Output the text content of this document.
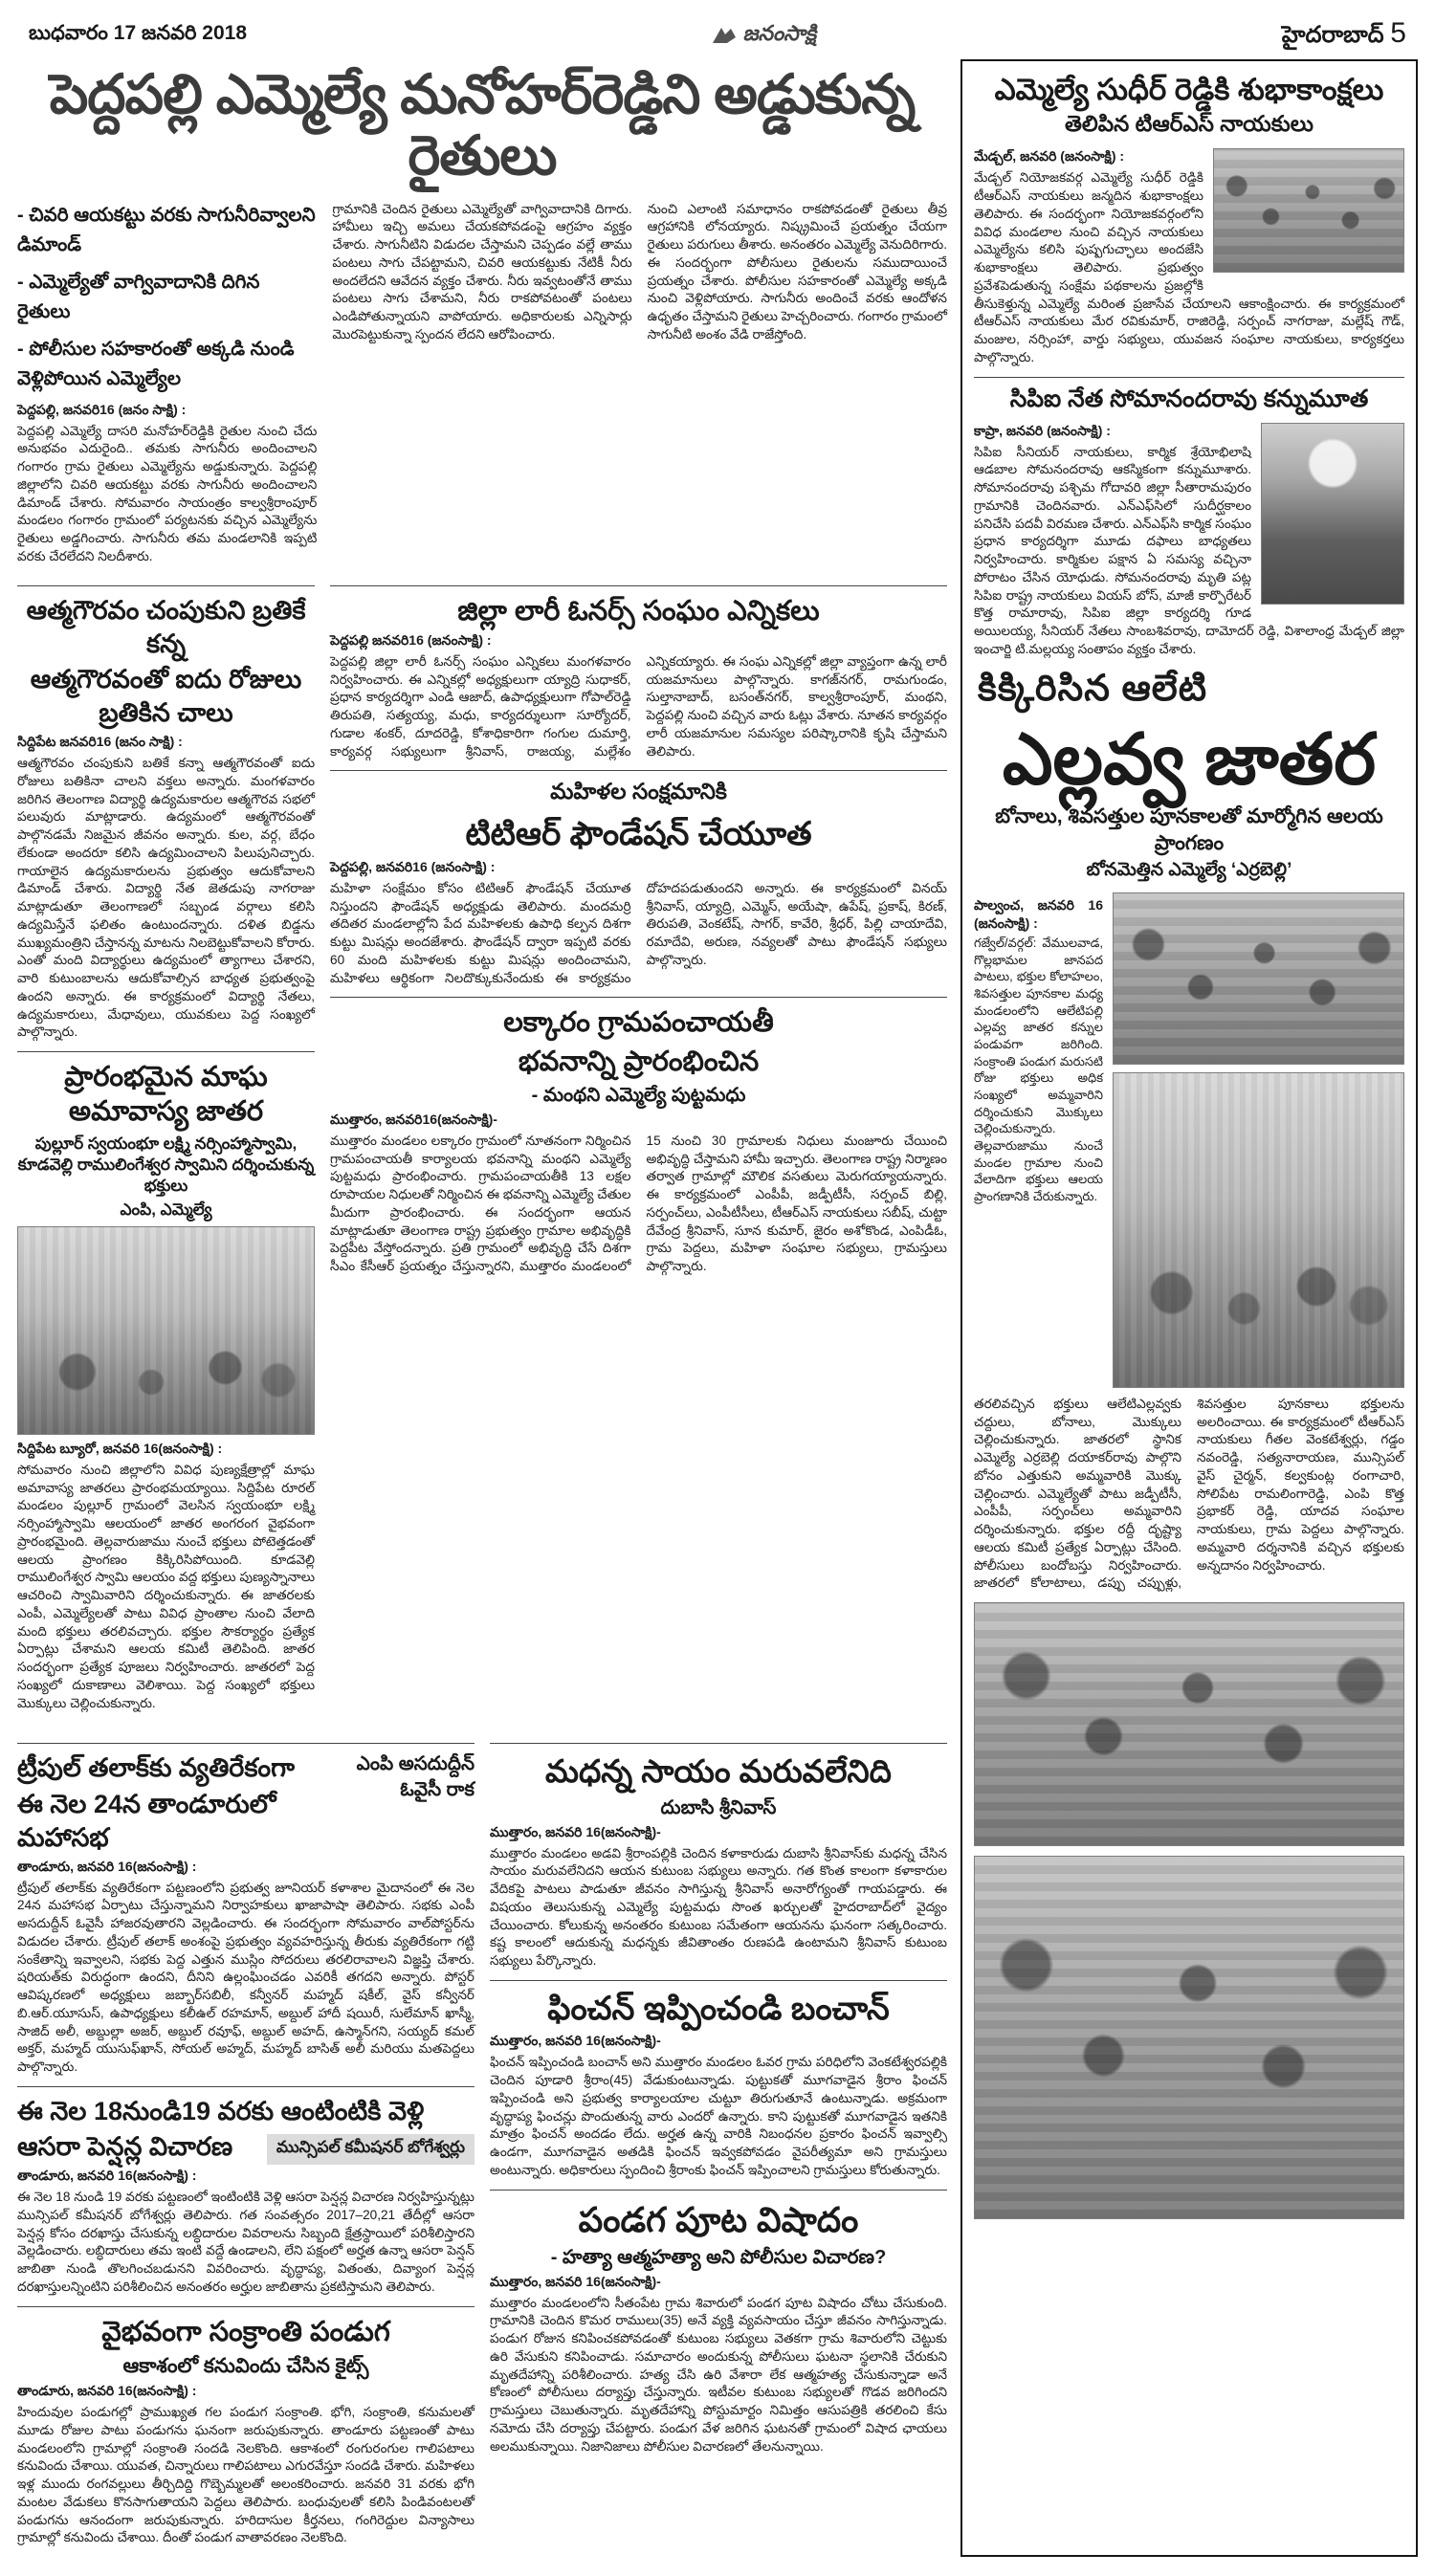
బుధవారం 17 జనవరి 2018	జనంసాక్షి	హైదరాబాద్ 5
పెద్దపల్లి ఎమ్మెల్యే మనోహర్‌రెడ్డిని అడ్డుకున్న రైతులు
- చివరి ఆయకట్టు వరకు సాగునీరివ్వాలని డిమాండ్
- ఎమ్మెల్యేతో వాగ్వివాదానికి దిగిన రైతులు
- పోలీసుల సహకారంతో అక్కడి నుండి వెళ్లిపోయిన ఎమ్మెల్యేల
పెద్దపల్లి, జనవరి16 (జనం సాక్షి) :
పెద్దపల్లి ఎమ్మెల్యే దాసరి మనోహర్‌రెడ్డికి రైతుల నుంచి చేదు అనుభవం ఎదురైంది.. తమకు సాగునీరు అందించాలని గంగారం గ్రామ రైతులు ఎమ్మెల్యేను అడ్డుకున్నారు. పెద్దపల్లి జిల్లాలోని చివరి ఆయకట్టు వరకు సాగునీరు అందించాలని డిమాండ్ చేశారు. సోమవారం సాయంత్రం కాల్వశ్రీరాంపూర్ మండలం గంగారం గ్రామంలో పర్యటనకు వచ్చిన ఎమ్మెల్యేను రైతులు అడ్డగించారు. సాగునీరు తమ మండలానికి ఇప్పటి వరకు చేరలేదని నిలదీశారు.
గ్రామానికి చెందిన రైతులు ఎమ్మెల్యేతో వాగ్వివాదానికి దిగారు. హామీలు ఇచ్చి అమలు చేయకపోవడంపై ఆగ్రహం వ్యక్తం చేశారు. సాగునీటిని విడుదల చేస్తామని చెప్పడం వల్లే తాము పంటలు సాగు చేపట్టామని, చివరి ఆయకట్టుకు నేటికీ నీరు అందలేదని ఆవేదన వ్యక్తం చేశారు. నీరు ఇవ్వటంతోనే తాము పంటలు సాగు చేశామని, నీరు రాకపోవటంతో పంటలు ఎండిపోతున్నాయని వాపోయారు. అధికారులకు ఎన్నిసార్లు మొరపెట్టుకున్నా స్పందన లేదని ఆరోపించారు.
నుంచి ఎలాంటి సమాధానం రాకపోవడంతో రైతులు తీవ్ర ఆగ్రహానికి లోనయ్యారు. నిష్క్రమించే ప్రయత్నం చేయగా రైతులు పరుగులు తీశారు. అనంతరం ఎమ్మెల్యే వెనుదిరిగారు. ఈ సందర్భంగా పోలీసులు రైతులను సముదాయించే ప్రయత్నం చేశారు. పోలీసుల సహకారంతో ఎమ్మెల్యే అక్కడి నుంచి వెళ్లిపోయారు. సాగునీరు అందించే వరకు ఆందోళన ఉధృతం చేస్తామని రైతులు హెచ్చరించారు. గంగారం గ్రామంలో సాగునీటి అంశం వేడి రాజేస్తోంది.
ఆత్మగౌరవం చంపుకుని బ్రతికే కన్న
ఆత్మగౌరవంతో ఐదు రోజులు బ్రతికిన చాలు
సిద్దిపేట జనవరి16 (జనం సాక్షి) :
ఆత్మగౌరవం చంపుకుని బతికే కన్నా ఆత్మగౌరవంతో ఐదు రోజులు బతికినా చాలని వక్తలు అన్నారు. మంగళవారం జరిగిన తెలంగాణ విద్యార్థి ఉద్యమకారుల ఆత్మగౌరవ సభలో పలువురు మాట్లాడారు. ఉద్యమంలో ఆత్మగౌరవంతో పాల్గొనడమే నిజమైన జీవనం అన్నారు. కుల, వర్గ, బేధం లేకుండా అందరూ కలిసి ఉద్యమించాలని పిలుపునిచ్చారు. గాయాలైన ఉద్యమకారులను ప్రభుత్వం ఆదుకోవాలని డిమాండ్ చేశారు. విద్యార్థి నేత జెతడుపు నాగరాజు మాట్లాడుతూ తెలంగాణలో సబ్బండ వర్గాలు కలిసి ఉద్యమిస్తేనే ఫలితం ఉంటుందన్నారు. దళిత బిడ్డను ముఖ్యమంత్రిని చేస్తానన్న మాటను నిలబెట్టుకోవాలని కోరారు. ఎంతో మంది విద్యార్థులు ఉద్యమంలో త్యాగాలు చేశారని, వారి కుటుంబాలను ఆదుకోవాల్సిన బాధ్యత ప్రభుత్వంపై ఉందని అన్నారు. ఈ కార్యక్రమంలో విద్యార్థి నేతలు, ఉద్యమకారులు, మేధావులు, యువకులు పెద్ద సంఖ్యలో పాల్గొన్నారు.
ప్రారంభమైన మాఘ అమావాస్య జాతర
పుల్లూర్ స్వయంభూ లక్ష్మి నర్సింహ్మాస్వామి, కూడవెల్లి రాములింగేశ్వర స్వామిని దర్శించుకున్న భక్తులు
ఎంపి, ఎమ్మెల్యే
సిద్దిపేట బ్యూరో, జనవరి 16(జనంసాక్షి) :
సోమవారం నుంచి జిల్లాలోని వివిధ పుణ్యక్షేత్రాల్లో మాఘ అమావాస్య జాతరలు ప్రారంభమయ్యాయి. సిద్దిపేట రూరల్ మండలం పుల్లూర్ గ్రామంలో వెలసిన స్వయంభూ లక్ష్మి నర్సింహ్మాస్వామి ఆలయంలో జాతర అంగరంగ వైభవంగా ప్రారంభమైంది. తెల్లవారుజాము నుంచే భక్తులు పోటెత్తడంతో ఆలయ ప్రాంగణం కిక్కిరిసిపోయింది. కూడవెల్లి రాములింగేశ్వర స్వామి ఆలయం వద్ద భక్తులు పుణ్యస్నానాలు ఆచరించి స్వామివారిని దర్శించుకున్నారు. ఈ జాతరలకు ఎంపీ, ఎమ్మెల్యేలతో పాటు వివిధ ప్రాంతాల నుంచి వేలాది మంది భక్తులు తరలివచ్చారు. భక్తుల సౌకర్యార్థం ప్రత్యేక ఏర్పాట్లు చేశామని ఆలయ కమిటీ తెలిపింది. జాతర సందర్భంగా ప్రత్యేక పూజలు నిర్వహించారు. జాతరలో పెద్ద సంఖ్యలో దుకాణాలు వెలిశాయి. పెద్ద సంఖ్యలో భక్తులు మొక్కులు చెల్లించుకున్నారు.
జిల్లా లారీ ఓనర్స్ సంఘం ఎన్నికలు
పెద్దపల్లి జనవరి16 (జనంసాక్షి) :
పెద్దపల్లి జిల్లా లారీ ఓనర్స్ సంఘం ఎన్నికలు మంగళవారం నిర్వహించారు. ఈ ఎన్నికల్లో అధ్యక్షులుగా య్యాద్రి సుధాకర్, ప్రధాన కార్యదర్శిగా ఎండి ఆజాద్, ఉపాధ్యక్షులుగా గోపాల్‌రెడ్డి తిరుపతి, సత్యయ్య, మధు, కార్యదర్శులుగా సూర్యోదర్, గుడాల శంకర్, దూదరెడ్డి, కోశాధికారిగా గంగుల దుమార్తి, కార్యవర్గ సభ్యులుగా శ్రీనివాస్, రాజయ్య, మల్లేశం ఎన్నికయ్యారు. ఈ సంఘ ఎన్నికల్లో జిల్లా వ్యాప్తంగా ఉన్న లారీ యజమానులు పాల్గొన్నారు. కాగజ్‌నగర్, రామగుండం, సుల్తానాబాద్, బసంత్‌నగర్, కాల్వశ్రీరాంపూర్, మంథని, పెద్దపల్లి నుంచి వచ్చిన వారు ఓట్లు వేశారు. నూతన కార్యవర్గం లారీ యజమానుల సమస్యల పరిష్కారానికి కృషి చేస్తామని తెలిపారు.
మహిళల సంక్షమానికి
టిటిఆర్ ఫౌండేషన్ చేయూత
పెద్దపల్లి, జనవరి16 (జనంసాక్షి) :
మహిళా సంక్షేమం కోసం టిటిఆర్ ఫౌండేషన్ చేయూత నిస్తుందని ఫౌండేషన్ అధ్యక్షుడు తెలిపారు. మందమర్రి తదితర మండలాల్లోని పేద మహిళలకు ఉపాధి కల్పన దిశగా కుట్టు మిషన్లు అందజేశారు. ఫౌండేషన్ ద్వారా ఇప్పటి వరకు 60 మంది మహిళలకు కుట్టు మిషన్లు అందించామని, మహిళలు ఆర్థికంగా నిలదొక్కుకునేందుకు ఈ కార్యక్రమం దోహదపడుతుందని అన్నారు. ఈ కార్యక్రమంలో వినయ్ శ్రీనివాస్, య్యాద్రి, ఎమ్మెస్, అయేషా, ఉపేష్, ప్రకాష్, కిరణ్, తిరుపతి, వెంకటేష్, సాగర్, కావేరి, శ్రీధర్, పిల్లి చాయాదేవి, రమాదేవి, అరుణ, నవ్యలతో పాటు ఫౌండేషన్ సభ్యులు పాల్గొన్నారు.
లక్కారం గ్రామపంచాయతీ
భవనాన్ని ప్రారంభించిన
- మంథని ఎమ్మెల్యే పుట్టమధు
ముత్తారం, జనవరి16(జనంసాక్షి)-
ముత్తారం మండలం లక్కారం గ్రామంలో నూతనంగా నిర్మించిన గ్రామపంచాయతీ కార్యాలయ భవనాన్ని మంథని ఎమ్మెల్యే పుట్టమధు ప్రారంభించారు. గ్రామపంచాయతీకి 13 లక్షల రూపాయల నిధులతో నిర్మించిన ఈ భవనాన్ని ఎమ్మెల్యే చేతుల మీదుగా ప్రారంభించారు. ఈ సందర్భంగా ఆయన మాట్లాడుతూ తెలంగాణ రాష్ట్ర ప్రభుత్వం గ్రామాల అభివృద్ధికి పెద్దపీట వేస్తోందన్నారు. ప్రతి గ్రామంలో అభివృద్ధి చేసే దిశగా సీఎం కేసీఆర్ ప్రయత్నం చేస్తున్నారని, ముత్తారం మండలంలో 15 నుంచి 30 గ్రామాలకు నిధులు మంజూరు చేయించి అభివృద్ధి చేస్తామని హామీ ఇచ్చారు. తెలంగాణ రాష్ట్ర నిర్మాణం తర్వాత గ్రామాల్లో మౌలిక వసతులు మెరుగయ్యాయన్నారు. ఈ కార్యక్రమంలో ఎంపీపీ, జడ్పీటీసీ, సర్పంచ్ బిల్లి, సర్పంచ్‌లు, ఎంపీటీసీలు, టీఆర్ఎస్ నాయకులు సబీష్, చుట్టా దేవేంద్ర శ్రీనివాస్, సూన కుమార్, జైరం అశోకొండ, ఎంపిడీఓ, గ్రామ పెద్దలు, మహిళా సంఘాల సభ్యులు, గ్రామస్తులు పాల్గొన్నారు.
ఎంపి అసదుద్దీన్
ఓవైసీ రాక
ట్రీపుల్ తలాక్‌కు వ్యతిరేకంగా
ఈ నెల 24న తాండూరులో మహాసభ
తాండూరు, జనవరి 16(జనంసాక్షి) :
ట్రీపుల్ తలాక్‌కు వ్యతిరేకంగా పట్టణంలోని ప్రభుత్వ జూనియర్ కళాశాల మైదానంలో ఈ నెల 24న మహాసభ ఏర్పాటు చేస్తున్నామని నిర్వాహకులు ఖాజాపాషా తెలిపారు. సభకు ఎంపీ అసదుద్దీన్ ఓవైసీ హాజరవుతారని వెల్లడించారు. ఈ సందర్భంగా సోమవారం వాల్‌పోస్టర్‌ను విడుదల చేశారు. ట్రీపుల్ తలాక్ అంశంపై ప్రభుత్వం వ్యవహరిస్తున్న తీరుకు వ్యతిరేకంగా గట్టి సంకేతాన్ని ఇవ్వాలని, సభకు పెద్ద ఎత్తున ముస్లిం సోదరులు తరలిరావాలని విజ్ఞప్తి చేశారు. షరియత్‌కు విరుద్ధంగా ఉందని, దీనిని ఉల్లంఘించడం ఎవరికీ తగదని అన్నారు. పోస్టర్ ఆవిష్కరణలో అధ్యక్షులు జబ్బార్‌సబిలీ, కన్వీనర్ మహ్మద్ షకీల్, వైస్ కన్వీనర్ బి.ఆర్.యూసుస్, ఉపాధ్యక్షులు కలీఉల్ రహమాన్, అబ్దుల్ హాదీ షయిరీ, సులేమాన్ ఖాస్మీ, సాజిద్ అలీ, అబ్దుల్లా అజర్, అబ్దుల్ రవూఫ్, అబ్దుల్ అహద్, ఉస్మాన్‌గని, సయ్యద్ కమల్ అక్తర్, మహ్మద్ యుసుఫ్‌ఖాన్, సోయల్ అహ్మద్, మహ్మద్ బాసిత్ అలీ మరియు మతపెద్దలు పాల్గొన్నారు.
ఈ నెల 18నుండి19 వరకు ఆంటింటికి వెళ్లి
మున్సిపల్ కమీషనర్ బోగేశ్వర్లు
ఆసరా పెన్షన్ల విచారణ
తాండూరు, జనవరి 16(జనంసాక్షి) :
ఈ నెల 18 నుండి 19 వరకు పట్టణంలో ఇంటింటికి వెళ్లి ఆసరా పెన్షన్ల విచారణ నిర్వహిస్తున్నట్లు మున్సిపల్ కమీషనర్ బోగేశ్వర్లు తెలిపారు. గత సంవత్సరం 2017–20,21 తేదీల్లో ఆసరా పెన్షన్ల కోసం దరఖాస్తు చేసుకున్న లబ్ధిదారుల వివరాలను సిబ్బంది క్షేత్రస్థాయిలో పరిశీలిస్తారని వెల్లడించారు. లబ్ధిదారులు తమ ఇంటి వద్దే ఉండాలని, లేని పక్షంలో అర్హత ఉన్నా ఆసరా పెన్షన్ జాబితా నుండి తొలగించబడునని వివరించారు. వృద్ధాప్య, వితంతు, దివ్యాంగ పెన్షన్ల దరఖాస్తులన్నింటిని పరిశీలించిన అనంతరం అర్హుల జాబితాను ప్రకటిస్తామని తెలిపారు.
వైభవంగా సంక్రాంతి పండుగ
ఆకాశంలో కనువిందు చేసిన కైట్స్
తాండూరు, జనవరి 16(జనంసాక్షి) :
హిందువుల పండుగల్లో ప్రాముఖ్యత గల పండుగ సంక్రాంతి. భోగి, సంక్రాంతి, కనుమలతో మూడు రోజుల పాటు పండుగను ఘనంగా జరుపుకున్నారు. తాండూరు పట్టణంతో పాటు మండలంలోని గ్రామాల్లో సంక్రాంతి సందడి నెలకొంది. ఆకాశంలో రంగురంగుల గాలిపటాలు కనువిందు చేశాయి. యువత, చిన్నారులు గాలిపటాలు ఎగురవేస్తూ సందడి చేశారు. మహిళలు ఇళ్ల ముందు రంగవల్లులు తీర్చిదిద్ది గొబ్బెమ్మలతో అలంకరించారు. జనవరి 31 వరకు భోగి మంటల వేడుకలు కొనసాగుతాయని పెద్దలు తెలిపారు. బంధువులతో కలిసి పిండివంటలతో పండుగను ఆనందంగా జరుపుకున్నారు. హరిదాసుల కీర్తనలు, గంగిరెద్దుల విన్యాసాలు గ్రామాల్లో కనువిందు చేశాయి. దీంతో పండుగ వాతావరణం నెలకొంది.
మధన్న సాయం మరువలేనిది
దుబాసి శ్రీనివాస్
ముత్తారం, జనవరి 16(జనంసాక్షి)-
ముత్తారం మండలం అడవి శ్రీరాంపల్లికి చెందిన కళాకారుడు దుబాసి శ్రీనివాస్‌కు మధన్న చేసిన సాయం మరువలేనిదని ఆయన కుటుంబ సభ్యులు అన్నారు. గత కొంత కాలంగా కళాకారుల వేదికపై పాటలు పాడుతూ జీవనం సాగిస్తున్న శ్రీనివాస్ అనారోగ్యంతో గాయపడ్డారు. ఈ విషయం తెలుసుకున్న ఎమ్మెల్యే పుట్టమధు సొంత ఖర్చులతో హైదరాబాద్‌లో వైద్యం చేయించారు. కోలుకున్న అనంతరం కుటుంబ సమేతంగా ఆయనను ఘనంగా సత్కరించారు. కష్ట కాలంలో ఆదుకున్న మధన్నకు జీవితాంతం రుణపడి ఉంటామని శ్రీనివాస్ కుటుంబ సభ్యులు పేర్కొన్నారు.
ఫించన్ ఇప్పించండి బంచాన్
ముత్తారం, జనవరి 16(జనంసాక్షి)-
ఫించన్ ఇప్పించండి బంచాన్ అని ముత్తారం మండలం ఓవర గ్రామ పరిధిలోని వెంకటేశ్వరపల్లికి చెందిన పూడారి శ్రీరాం(45) వేడుకుంటున్నాడు. పుట్టుకతో మూగవాడైన శ్రీరాం ఫించన్ ఇప్పించండి అని ప్రభుత్వ కార్యాలయాల చుట్టూ తిరుగుతూనే ఉంటున్నాడు. అక్రమంగా వృద్ధాప్య ఫించన్లు పొందుతున్న వారు ఎందరో ఉన్నారు. కాని పుట్టుకతో మూగవాడైన ఇతనికి మాత్రం ఫించన్ అందడం లేదు. అర్హత ఉన్న వారికి నిబంధనల ప్రకారం ఫించన్ ఇవ్వాల్సి ఉండగా, మూగవాడైన అతడికి ఫించన్ ఇవ్వకపోవడం వైపరీత్యమా అని గ్రామస్తులు అంటున్నారు. అధికారులు స్పందించి శ్రీరాంకు ఫించన్ ఇప్పించాలని గ్రామస్తులు కోరుతున్నారు.
పండగ పూట విషాదం
- హత్యా ఆత్మహత్యా అని పోలీసుల విచారణ?
ముత్తారం, జనవరి 16(జనంసాక్షి)-
ముత్తారం మండలంలోని సీతంపేట గ్రామ శివారులో పండగ పూట విషాదం చోటు చేసుకుంది. గ్రామానికి చెందిన కొమర రాములు(35) అనే వ్యక్తి వ్యవసాయం చేస్తూ జీవనం సాగిస్తున్నాడు. పండుగ రోజున కనిపించకపోవడంతో కుటుంబ సభ్యులు వెతకగా గ్రామ శివారులోని చెట్టుకు ఉరి వేసుకుని కనిపించాడు. సమాచారం అందుకున్న పోలీసులు ఘటనా స్థలానికి చేరుకుని మృతదేహాన్ని పరిశీలించారు. హత్య చేసి ఉరి వేశారా లేక ఆత్మహత్య చేసుకున్నాడా అనే కోణంలో పోలీసులు దర్యాప్తు చేస్తున్నారు. ఇటీవల కుటుంబ సభ్యులతో గొడవ జరిగిందని గ్రామస్తులు చెబుతున్నారు. మృతదేహాన్ని పోస్టుమార్టం నిమిత్తం ఆసుపత్రికి తరలించి కేసు నమోదు చేసి దర్యాప్తు చేపట్టారు. పండుగ వేళ జరిగిన ఘటనతో గ్రామంలో విషాద ఛాయలు అలముకున్నాయి. నిజానిజాలు పోలీసుల విచారణలో తేలనున్నాయి.
ఎమ్మెల్యే సుధీర్ రెడ్డికి శుభాకాంక్షలు
తెలిపిన టిఆర్‌ఎస్ నాయకులు
మేడ్చల్, జనవరి (జనంసాక్షి) :
మేడ్చల్ నియోజకవర్గ ఎమ్మెల్యే సుధీర్ రెడ్డికి టీఆర్ఎస్ నాయకులు జన్మదిన శుభాకాంక్షలు తెలిపారు. ఈ సందర్భంగా నియోజకవర్గంలోని వివిధ మండలాల నుంచి వచ్చిన నాయకులు ఎమ్మెల్యేను కలిసి పుష్పగుచ్ఛాలు అందజేసి శుభాకాంక్షలు తెలిపారు. ప్రభుత్వం ప్రవేశపెడుతున్న సంక్షేమ పథకాలను ప్రజల్లోకి తీసుకెళ్తున్న ఎమ్మెల్యే మరింత ప్రజాసేవ చేయాలని ఆకాంక్షించారు. ఈ కార్యక్రమంలో టీఆర్ఎస్ నాయకులు మేర రవికుమార్, రాజిరెడ్డి, సర్పంచ్ నాగరాజు, మల్లేష్ గౌడ్, మంజుల, నర్సింహా, వార్డు సభ్యులు, యువజన సంఘాల నాయకులు, కార్యకర్తలు పాల్గొన్నారు.
సిపిఐ నేత సోమానందరావు కన్నుమూత
కాప్రా, జనవరి (జనంసాక్షి) :
సిపిఐ సీనియర్ నాయకులు, కార్మిక శ్రేయోభిలాషి ఆడబాల సోమనందరావు ఆకస్మికంగా కన్నుమూశారు. సోమానందరావు పశ్చిమ గోదావరి జిల్లా సీతారామపురం గ్రామానికి చెందినవారు. ఎన్‌ఎఫ్‌సిలో సుదీర్ఘకాలం పనిచేసి పదవీ విరమణ చేశారు. ఎన్‌ఎఫ్‌సి కార్మిక సంఘం ప్రధాన కార్యదర్శిగా మూడు దఫాలు బాధ్యతలు నిర్వహించారు. కార్మికుల పక్షాన ఏ సమస్య వచ్చినా పోరాటం చేసిన యోధుడు. సోమనందరావు మృతి పట్ల సిపిఐ రాష్ట్ర నాయకులు వియస్ బోస్, మాజీ కార్పొరేటర్ కొత్త రామారావు, సిపిఐ జిల్లా కార్యదర్శి గూడ అయిలయ్య, సీనియర్ నేతలు సాంబశివరావు, దామోదర్ రెడ్డి, విశాలాంధ్ర మేడ్చల్ జిల్లా ఇంచార్జి టి.మల్లయ్య సంతాపం వ్యక్తం చేశారు.
కిక్కిరిసిన ఆలేటి
ఎల్లవ్వ జాతర
బోనాలు, శివసత్తుల పూనకాలతో మార్మోగిన ఆలయ ప్రాంగణం
బోనమెత్తిన ఎమ్మెల్యే ‘ఎర్రబెల్లి’
పాల్వంచ, జనవరి 16 (జనంసాక్షి) :
గజ్వేల్/వర్గల్: వేములవాడ, గొల్లభామల జానపద పాటలు, భక్తుల కోలాహలం, శివసత్తుల పూనకాల మధ్య మండలంలోని ఆలేటిపల్లి ఎల్లవ్వ జాతర కన్నుల పండువగా జరిగింది. సంక్రాంతి పండుగ మరుసటి రోజు భక్తులు అధిక సంఖ్యలో అమ్మవారిని దర్శించుకుని మొక్కులు చెల్లించుకున్నారు. తెల్లవారుజాము నుంచే మండల గ్రామాల నుంచి వేలాదిగా భక్తులు ఆలయ ప్రాంగణానికి చేరుకున్నారు.
తరలివచ్చిన భక్తులు ఆలేటిఎల్లవ్వకు చద్దులు, బోనాలు, మొక్కులు చెల్లించుకున్నారు. జాతరలో స్థానిక ఎమ్మెల్యే ఎర్రబెల్లి దయాకర్‌రావు పాల్గొని బోనం ఎత్తుకుని అమ్మవారికి మొక్కు చెల్లించారు. ఎమ్మెల్యేతో పాటు జడ్పీటీసీ, ఎంపీపీ, సర్పంచ్‌లు అమ్మవారిని దర్శించుకున్నారు. భక్తుల రద్దీ దృష్ట్యా ఆలయ కమిటీ ప్రత్యేక ఏర్పాట్లు చేసింది. పోలీసులు బందోబస్తు నిర్వహించారు. జాతరలో కోలాటాలు, డప్పు చప్పుళ్లు, శివసత్తుల పూనకాలు భక్తులను అలరించాయి. ఈ కార్యక్రమంలో టీఆర్ఎస్ నాయకులు గీతల వెంకటేశ్వర్లు, గడ్డం నవంరెడ్డి, సత్యనారాయణ, మున్సిపల్ వైస్ చైర్మన్, కల్వకుంట్ల రంగాచారి, సోలిపేట రామలింగారెడ్డి, ఎంపి కొత్త ప్రభాకర్ రెడ్డి, యాదవ సంఘాల నాయకులు, గ్రామ పెద్దలు పాల్గొన్నారు. అమ్మవారి దర్శనానికి వచ్చిన భక్తులకు అన్నదానం నిర్వహించారు.
